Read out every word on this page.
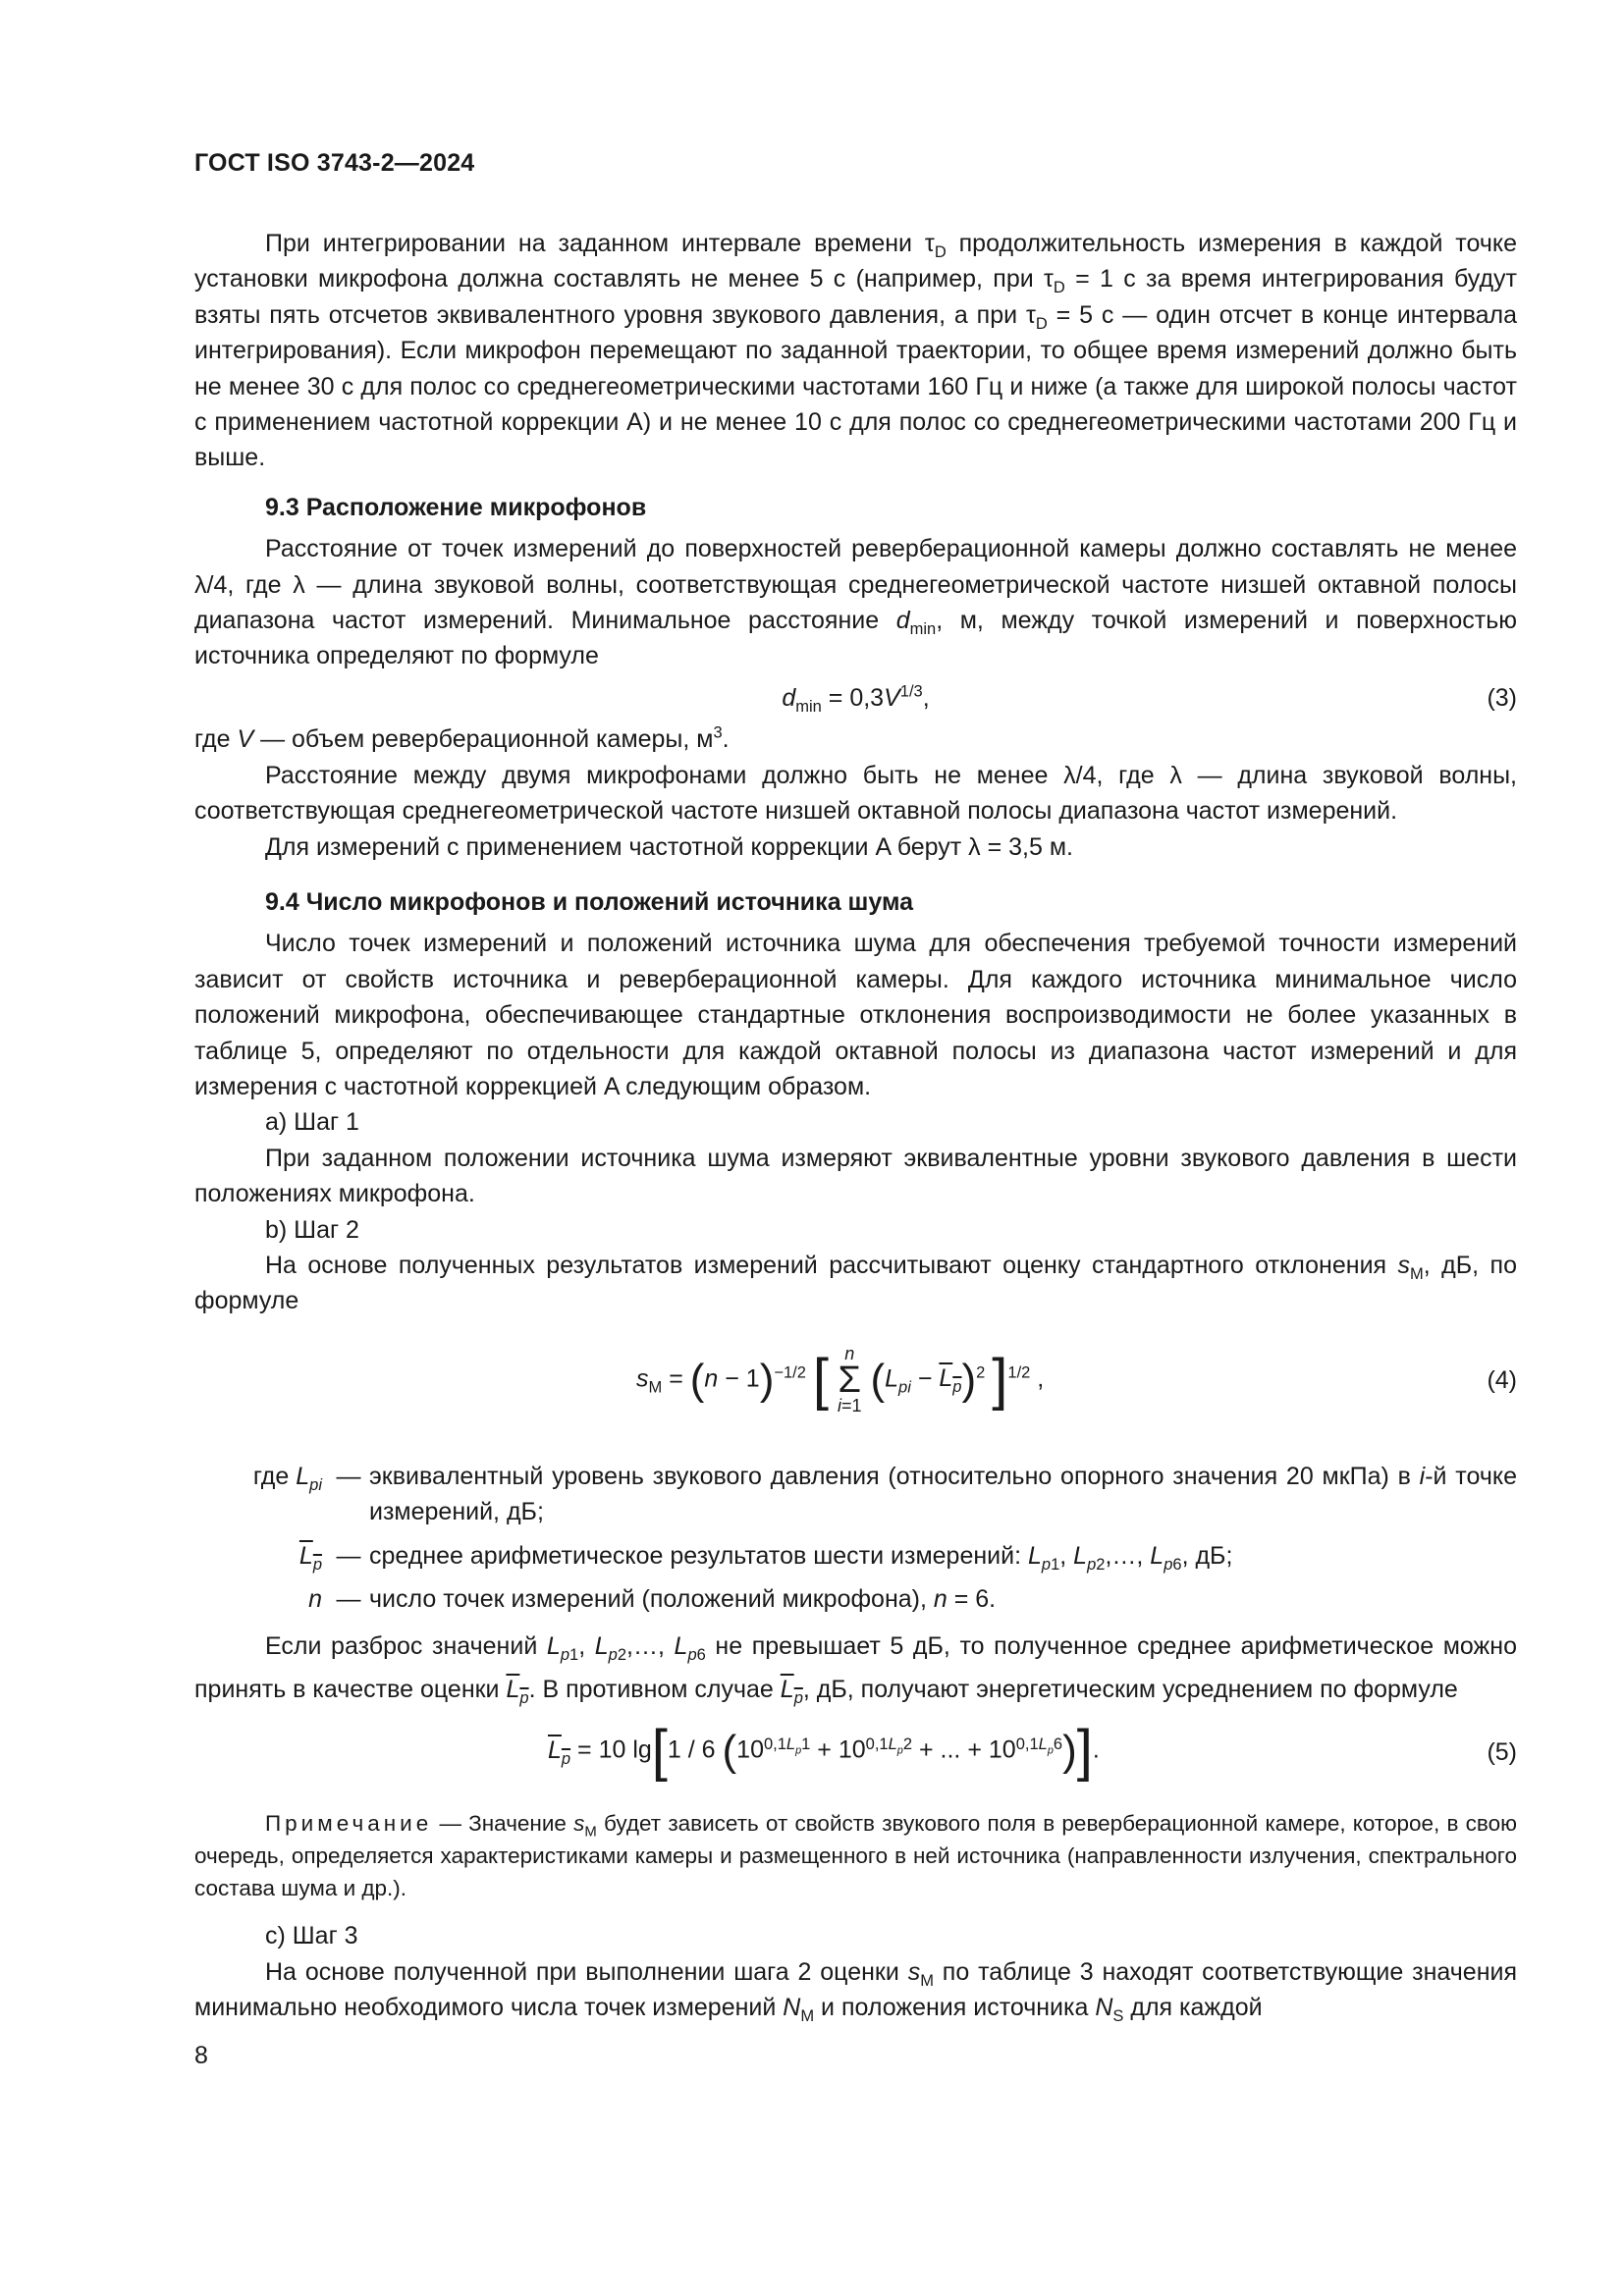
ГОСТ ISO 3743-2—2024

При интегрировании на заданном интервале времени $\tau_D$ продолжительность измерения в каждой точке установки микрофона должна составлять не менее 5 с (например, при $\tau_D = 1$ с за время интегрирования будут взяты пять отсчетов эквивалентного уровня звукового давления, а при $\tau_D = 5$ с — один отсчет в конце интервала интегрирования). Если микрофон перемещают по заданной траектории, то общее время измерений должно быть не менее 30 с для полос со среднегеометрическими частотами 160 Гц и ниже (а также для широкой полосы частот с применением частотной коррекции A) и не менее 10 с для полос со среднегеометрическими частотами 200 Гц и выше.

9.3 Расположение микрофонов

Расстояние от точек измерений до поверхностей реверберационной камеры должно составлять не менее λ/4, где λ — длина звуковой волны, соответствующая среднегеометрической частоте низшей октавной полосы диапазона частот измерений. Минимальное расстояние $d_{min}$, м, между точкой измерений и поверхностью источника определяют по формуле

$d_{min} = 0,3V^{1/3}$,	(3)

где V — объем реверберационной камеры, $м^3$.

Расстояние между двумя микрофонами должно быть не менее λ/4, где λ — длина звуковой волны, соответствующая среднегеометрической частоте низшей октавной полосы диапазона частот измерений.

Для измерений с применением частотной коррекции A берут λ = 3,5 м.

9.4 Число микрофонов и положений источника шума

Число точек измерений и положений источника шума для обеспечения требуемой точности измерений зависит от свойств источника и реверберационной камеры. Для каждого источника минимальное число положений микрофона, обеспечивающее стандартные отклонения воспроизводимости не более указанных в таблице 5, определяют по отдельности для каждой октавной полосы из диапазона частот измерений и для измерения с частотной коррекцией A следующим образом.

a) Шаг 1

При заданном положении источника шума измеряют эквивалентные уровни звукового давления в шести положениях микрофона.

b) Шаг 2

На основе полученных результатов измерений рассчитывают оценку стандартного отклонения $s_M$, дБ, по формуле

$s_M = (n - 1)^{-1/2}$ [ n
Σ
i=1 $(L_{pi} - L_p)^2$ ]$^{1/2}$ ,	(4)
где $L_{pi}$	—	эквивалентный уровень звукового давления (относительно опорного значения 20 мкПа) в i-й точке измерений, дБ;
$L_p$	—	среднее арифметическое результатов шести измерений: $L_{p1}$, $L_{p2},\dots$, $L_{p6}$, дБ;
n	—	число точек измерений (положений микрофона), n = 6.

Если разброс значений $L_{p1}$, $L_{p2},\dots$, $L_{p6}$ не превышает 5 дБ, то полученное среднее арифметическое можно принять в качестве оценки $L_p$. В противном случае $L_p$, дБ, получают энергетическим усреднением по формуле

$L_p = 10$ lg[1 / 6 ($10^{0,1L_p1} + 10^{0,1L_p2}$ + ... + $10^{0,1L_p6}$)].	(5)

Примечание — Значение $s_M$ будет зависеть от свойств звукового поля в реверберационной камере, которое, в свою очередь, определяется характеристиками камеры и размещенного в ней источника (направленности излучения, спектрального состава шума и др.).

c) Шаг 3

На основе полученной при выполнении шага 2 оценки $s_M$ по таблице 3 находят соответствующие значения минимально необходимого числа точек измерений $N_M$ и положения источника $N_S$ для каждой

8
